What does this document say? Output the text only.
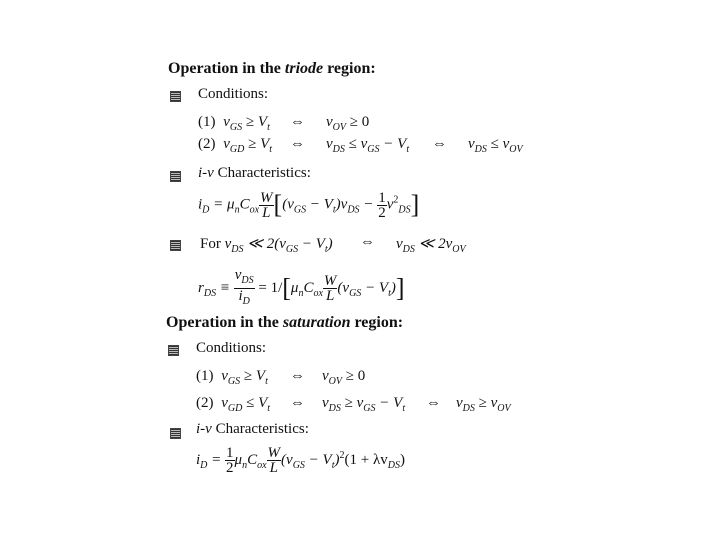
Operation in the triode region:
Conditions:
(1) $v_{GS} \ge V_t$ ⇔ $v_{OV} \ge 0$
(2) $v_{GD} \ge V_t$ ⇔ $v_{DS} \le v_{GS} - V_t$ ⇔ $v_{DS} \le v_{OV}$
i-v Characteristics:
$i_D = \mu_nC_{ox} \frac{W}{L} [(v_{GS} - V_t)v_{DS} - \frac{1}{2} v^2_{DS}]$
For $v_{DS}$ ≪ $2(v_{GS} - V_t)$ ⇔ $v_{DS}$ ≪ $2v_{OV}$
$r_{DS} \equiv \frac{v_{DS}}{i_D} = 1/[\mu_nC_{ox} \frac{W}{L} (v_{GS} - V_t)]$
Operation in the saturation region:
Conditions:
(1) $v_{GS} \ge V_t$ ⇔ $v_{OV} \ge 0$
(2) $v_{GD} \le V_t$ ⇔ $v_{DS} \ge v_{GS} - V_t$ ⇔ $v_{DS} \ge v_{OV}$
i-v Characteristics:
$i_D = \frac{1}{2} \mu_nC_{ox} \frac{W}{L} (v_{GS} - V_t)^2(1 + \lambda v_{DS})$
